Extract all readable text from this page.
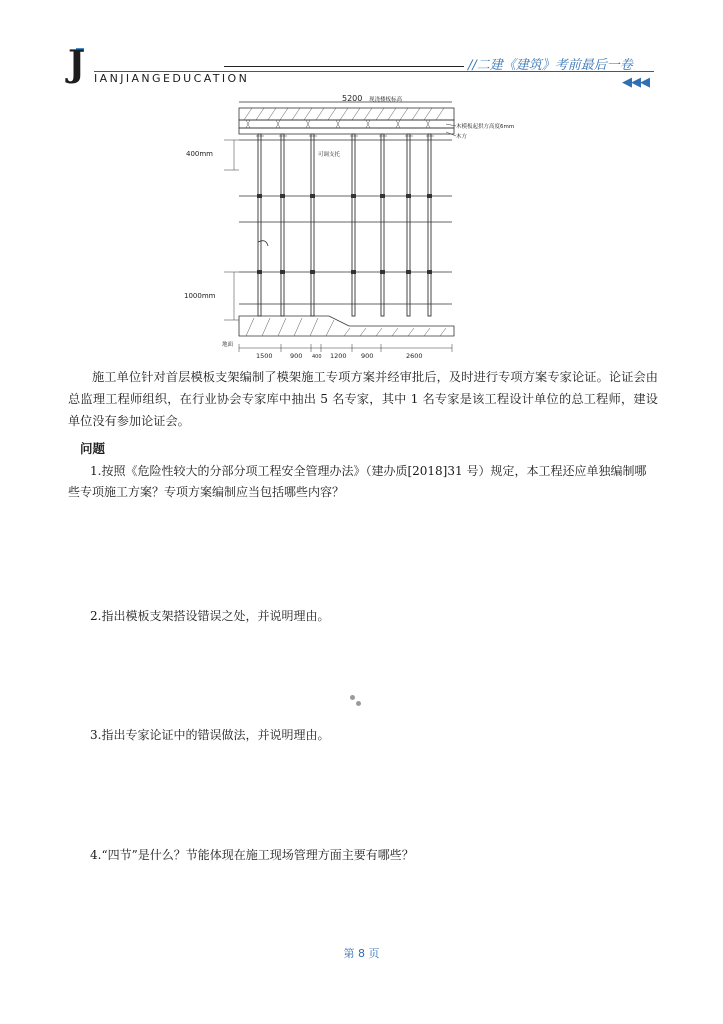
J	//二建《建筑》考前最后一卷
IANJIANGEDUCATION	◀◀◀
5200 现浇楼板标高
木模板起拱方高度6mm
木方
400mm
1000mm
可调支托
地面
1500	900 400 1200 900	2600
施工单位针对首层模板支架编制了模架施工专项方案并经审批后，及时进行专项方案专家论证。论证会由总监理工程师组织，在行业协会专家库中抽出 5 名专家，其中 1 名专家是该工程设计单位的总工程师，建设单位没有参加论证会。
问题
1.按照《危险性较大的分部分项工程安全管理办法》（建办质[2018]31 号）规定，本工程还应单独编制哪些专项施工方案？专项方案编制应当包括哪些内容？
2.指出模板支架搭设错误之处，并说明理由。
3.指出专家论证中的错误做法，并说明理由。
4.“四节”是什么？节能体现在施工现场管理方面主要有哪些？
第 8 页
